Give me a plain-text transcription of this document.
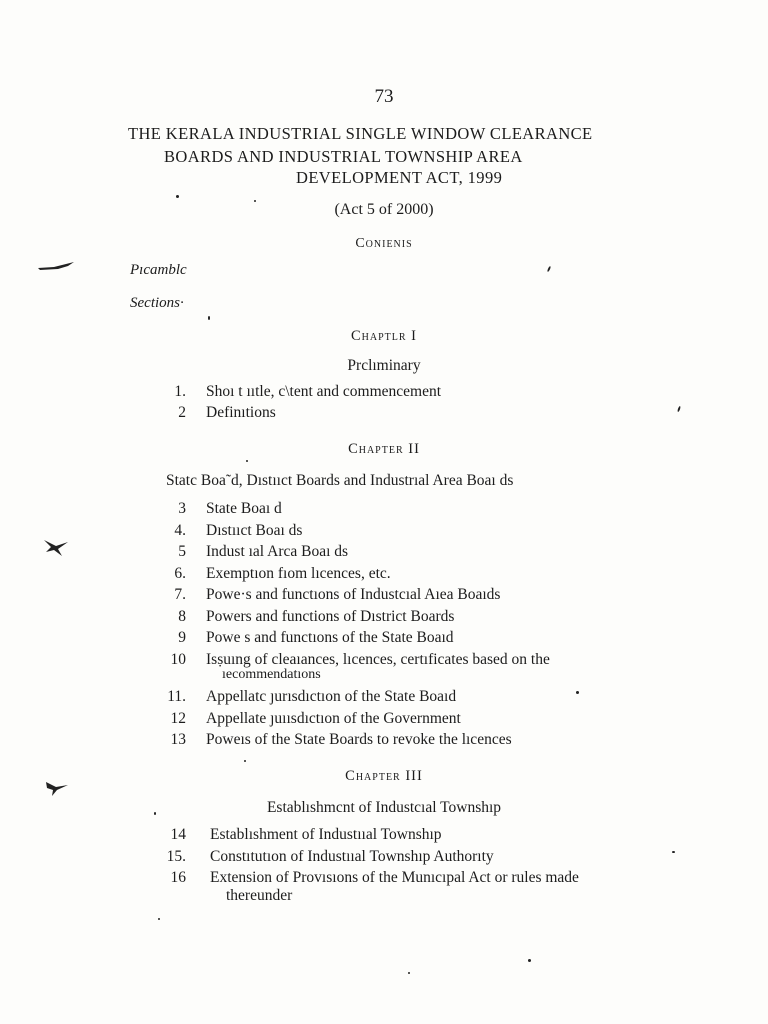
73
THE KERALA INDUSTRIAL SINGLE WINDOW CLEARANCE
BOARDS AND INDUSTRIAL TOWNSHIP AREA
DEVELOPMENT ACT, 1999
(Act 5 of 2000)
Conienis
Pıcamblc
Sections·
Chaptlr I
Prclıminary
1. Shoı t ııtle, c\tent and commencement
2 Definıtions
Chapter II
Statc Boa˜d, Dıstııct Boards and Industrıal Area Boaı ds
3 State Boaı d
4. Dıstııct Boaı ds
5 Indust ıal Arca Boaı ds
6. Exemptıon fıom lıcences, etc.
7. Powe·s and functıons of Industcıal Aıea Boaıds
8 Powers and functions of Dıstrict Boards
9 Powe s and functıons of the State Boaıd
10 Isṣuıng of cleaıances, lıcences, certıficates based on the
ıecommendatıons
11. Appellatc ȷurısdıctıon of the State Boaıd
12 Appellate ȷuıısdıctıon of the Government
13 Poweıs of the State Boards to revoke the lıcences
Chapter III
Establıshmcnt of Industcıal Townshıp
14 Establıshment of Industııal Townshıp
15. Constıtutıon of Industııal Townshıp Authorıty
16 Extension of Provısıons of the Munıcıpal Act or rules made
thereunder
